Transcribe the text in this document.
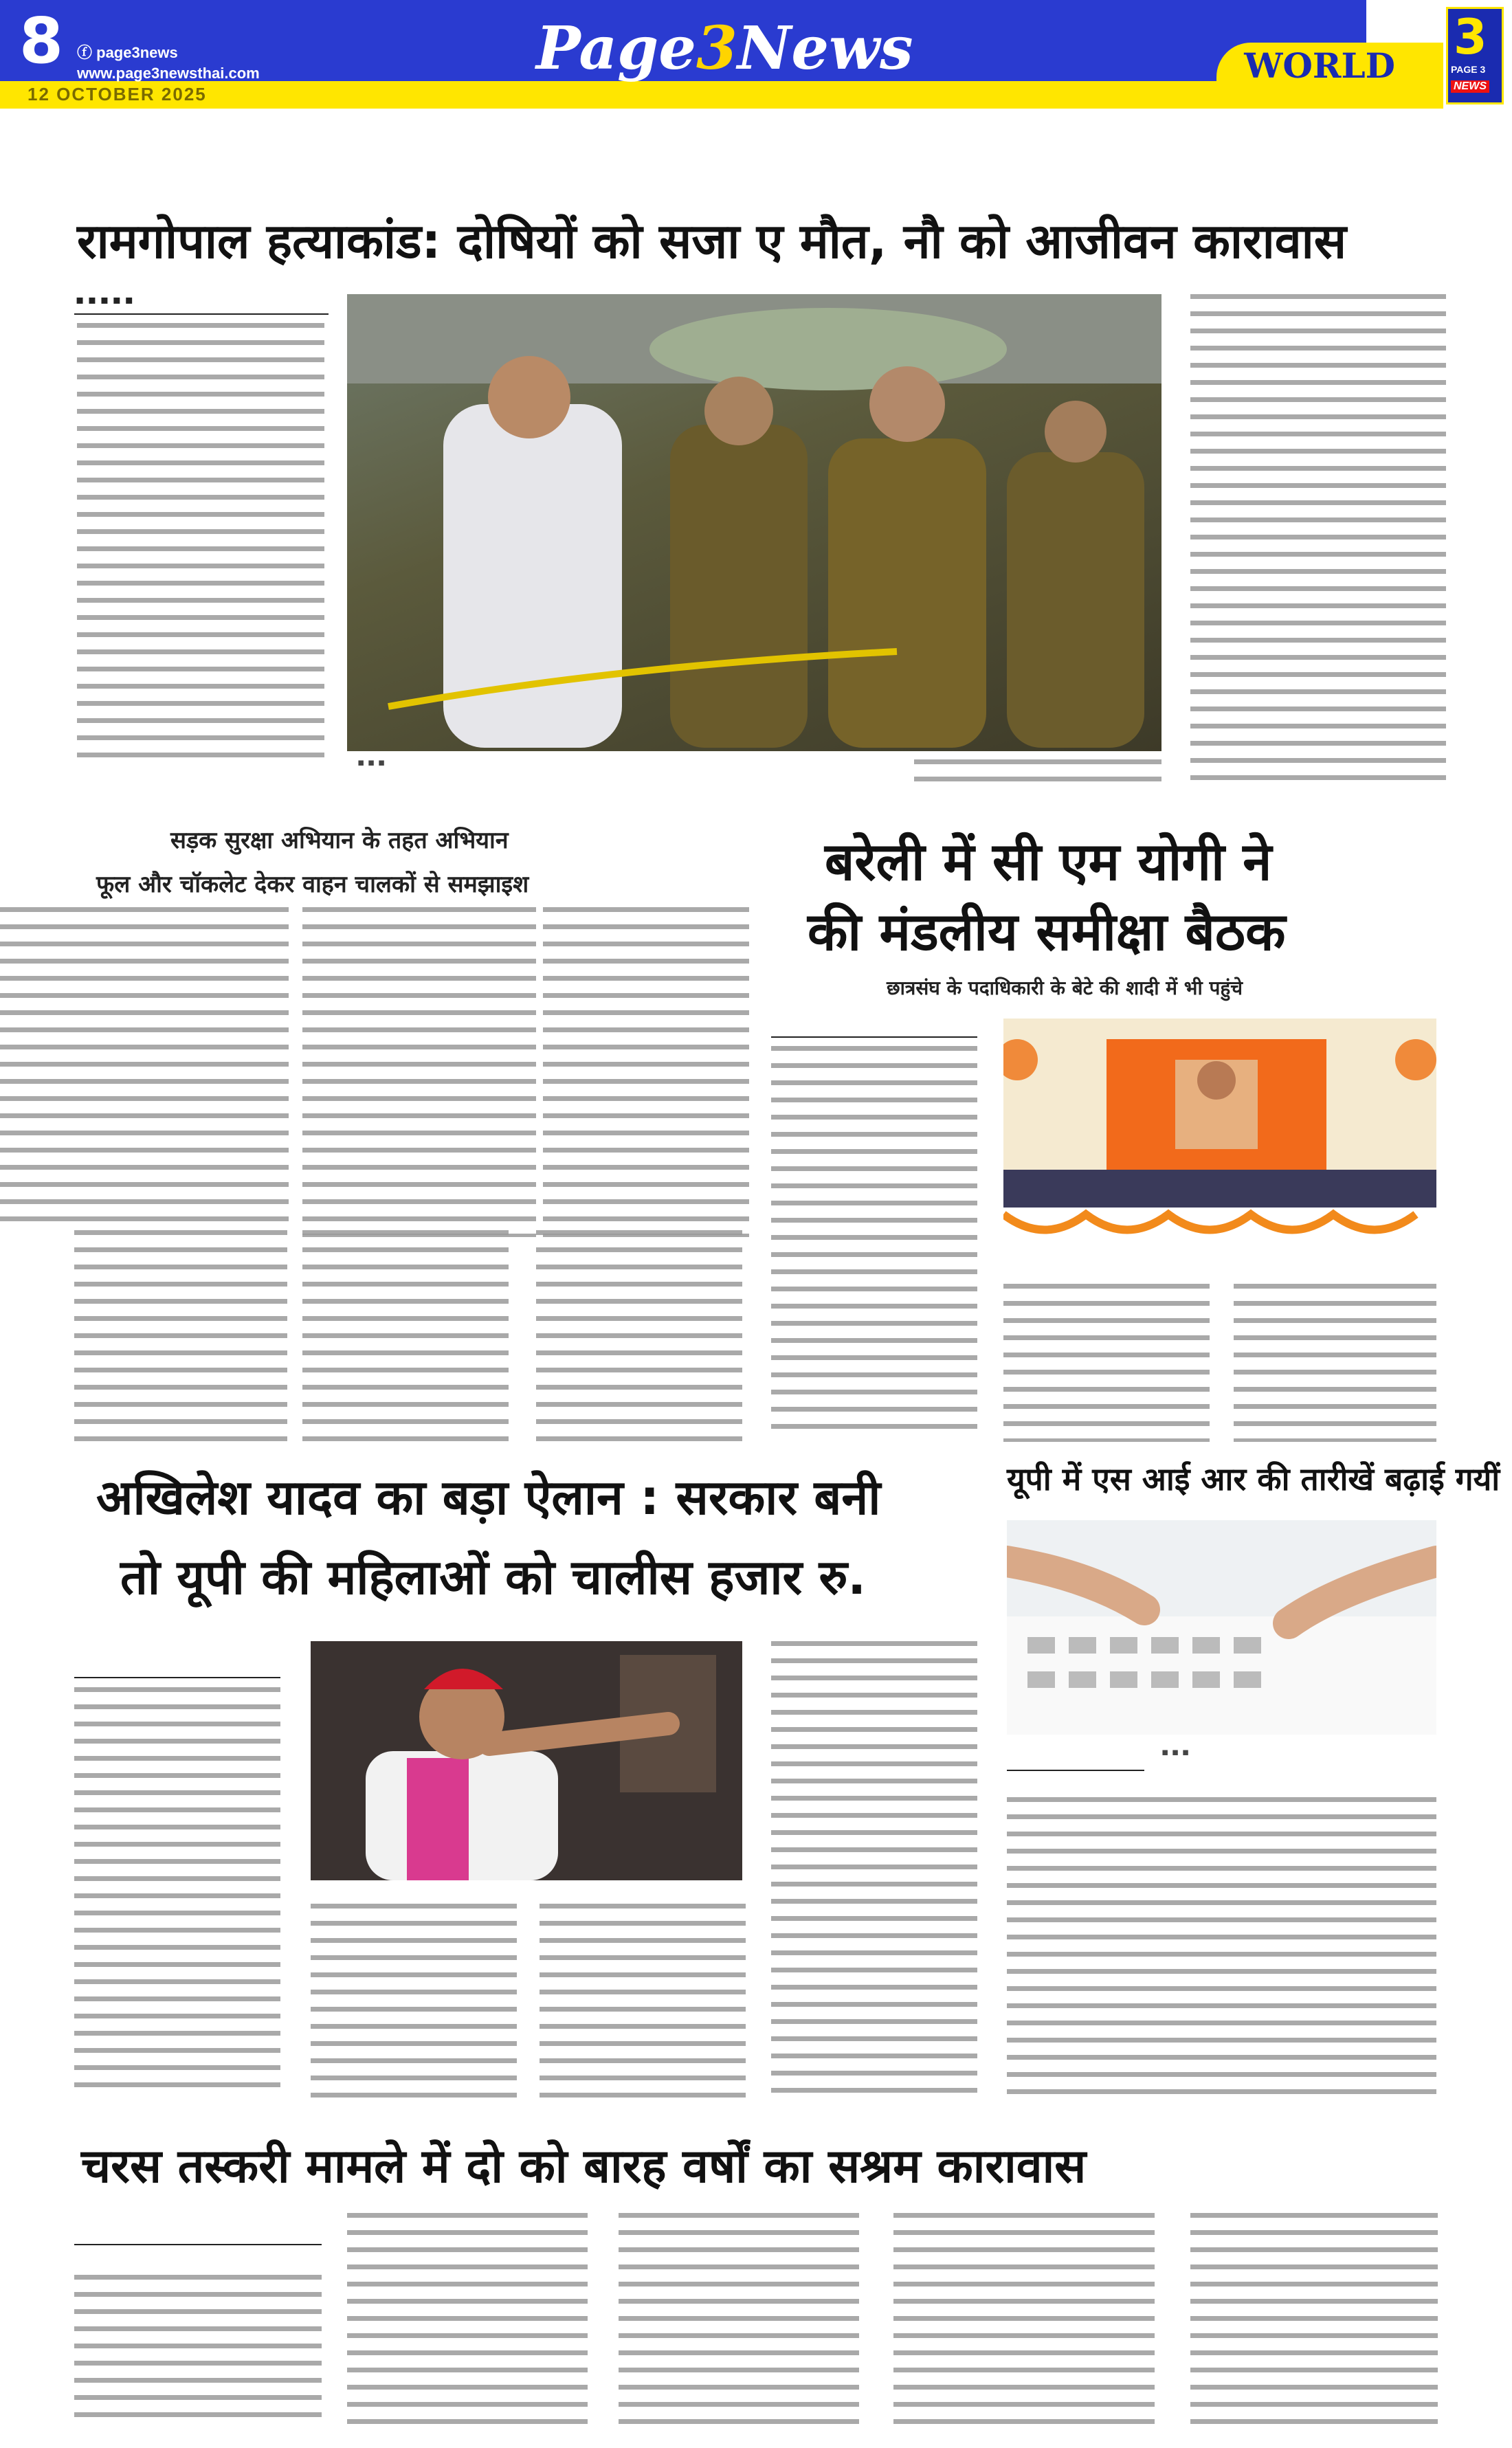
8 ⓕ page3news
www.page3newsthai.com
12 OCTOBER 2025
Page3News	WORLD
3
PAGE 3
NEWS
रामगोपाल हत्याकांड: दोषियों को सजा ए मौत, नौ को आजीवन कारावास
▪ ▪ ▪ ▪ ▪
▪ ▪ ▪
सड़क सुरक्षा अभियान के तहत अभियान
फूल और चॉकलेट देकर वाहन चालकों से समझाइश	बरेली में सी एम योगी ने
की मंडलीय समीक्षा बैठक
छात्रसंघ के पदाधिकारी के बेटे की शादी में भी पहुंचे
अखिलेश यादव का बड़ा ऐलान : सरकार बनी
तो यूपी की महिलाओं को चालीस हजार रु.
यूपी में एस आई आर की तारीखें बढ़ाई गयीं
▪ ▪ ▪
चरस तस्करी मामले में दो को बारह वर्षों का सश्रम कारावास
